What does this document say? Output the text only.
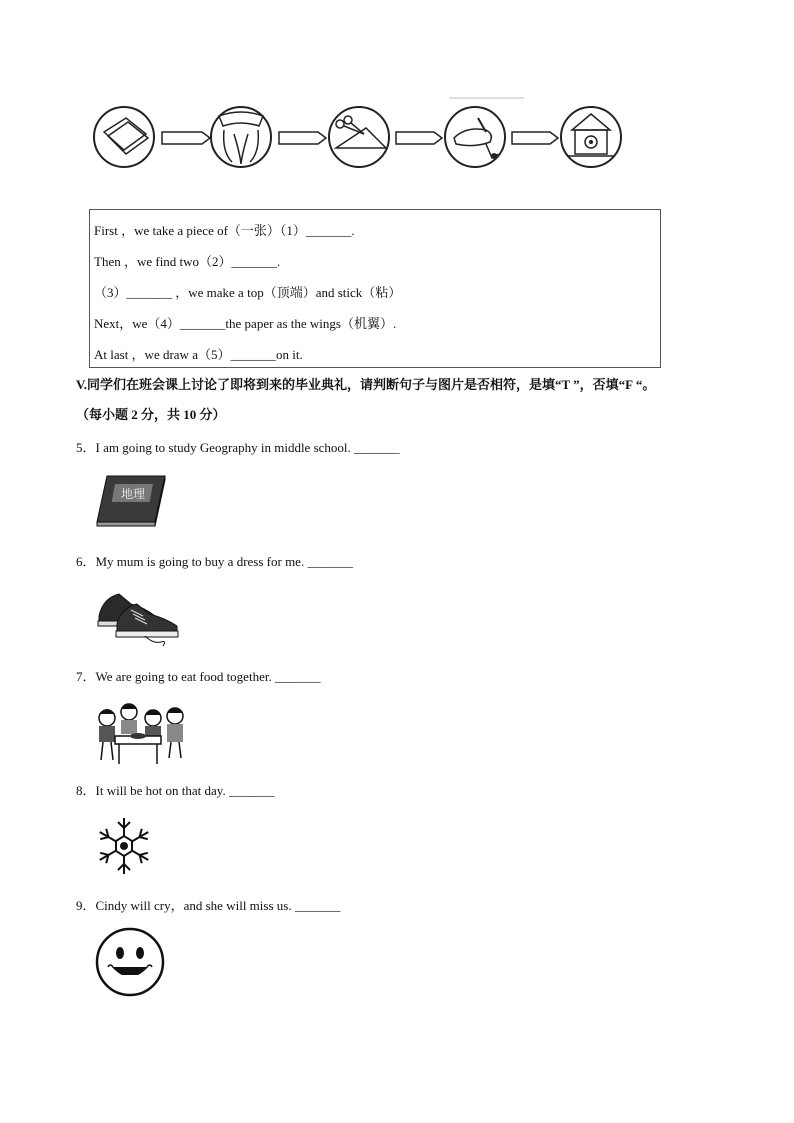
First ，we take a piece of（一张）（1）_______.
Then ，we find two（2）_______.
（3）_______ ，we make a top（顶端）and stick（粘）
Next，we（4）_______the paper as the wings（机翼）.
At last ，we draw a（5）_______on it.
V.同学们在班会课上讨论了即将到来的毕业典礼，请判断句子与图片是否相符，是填“T ”，否填“F “。
（每小题 2 分，共 10 分）
5．I am going to study Geography in middle school. _______
地理
6．My mum is going to buy a dress for me. _______
7．We are going to eat food together. _______
8．It will be hot on that day. _______
9．Cindy will cry，and she will miss us. _______
